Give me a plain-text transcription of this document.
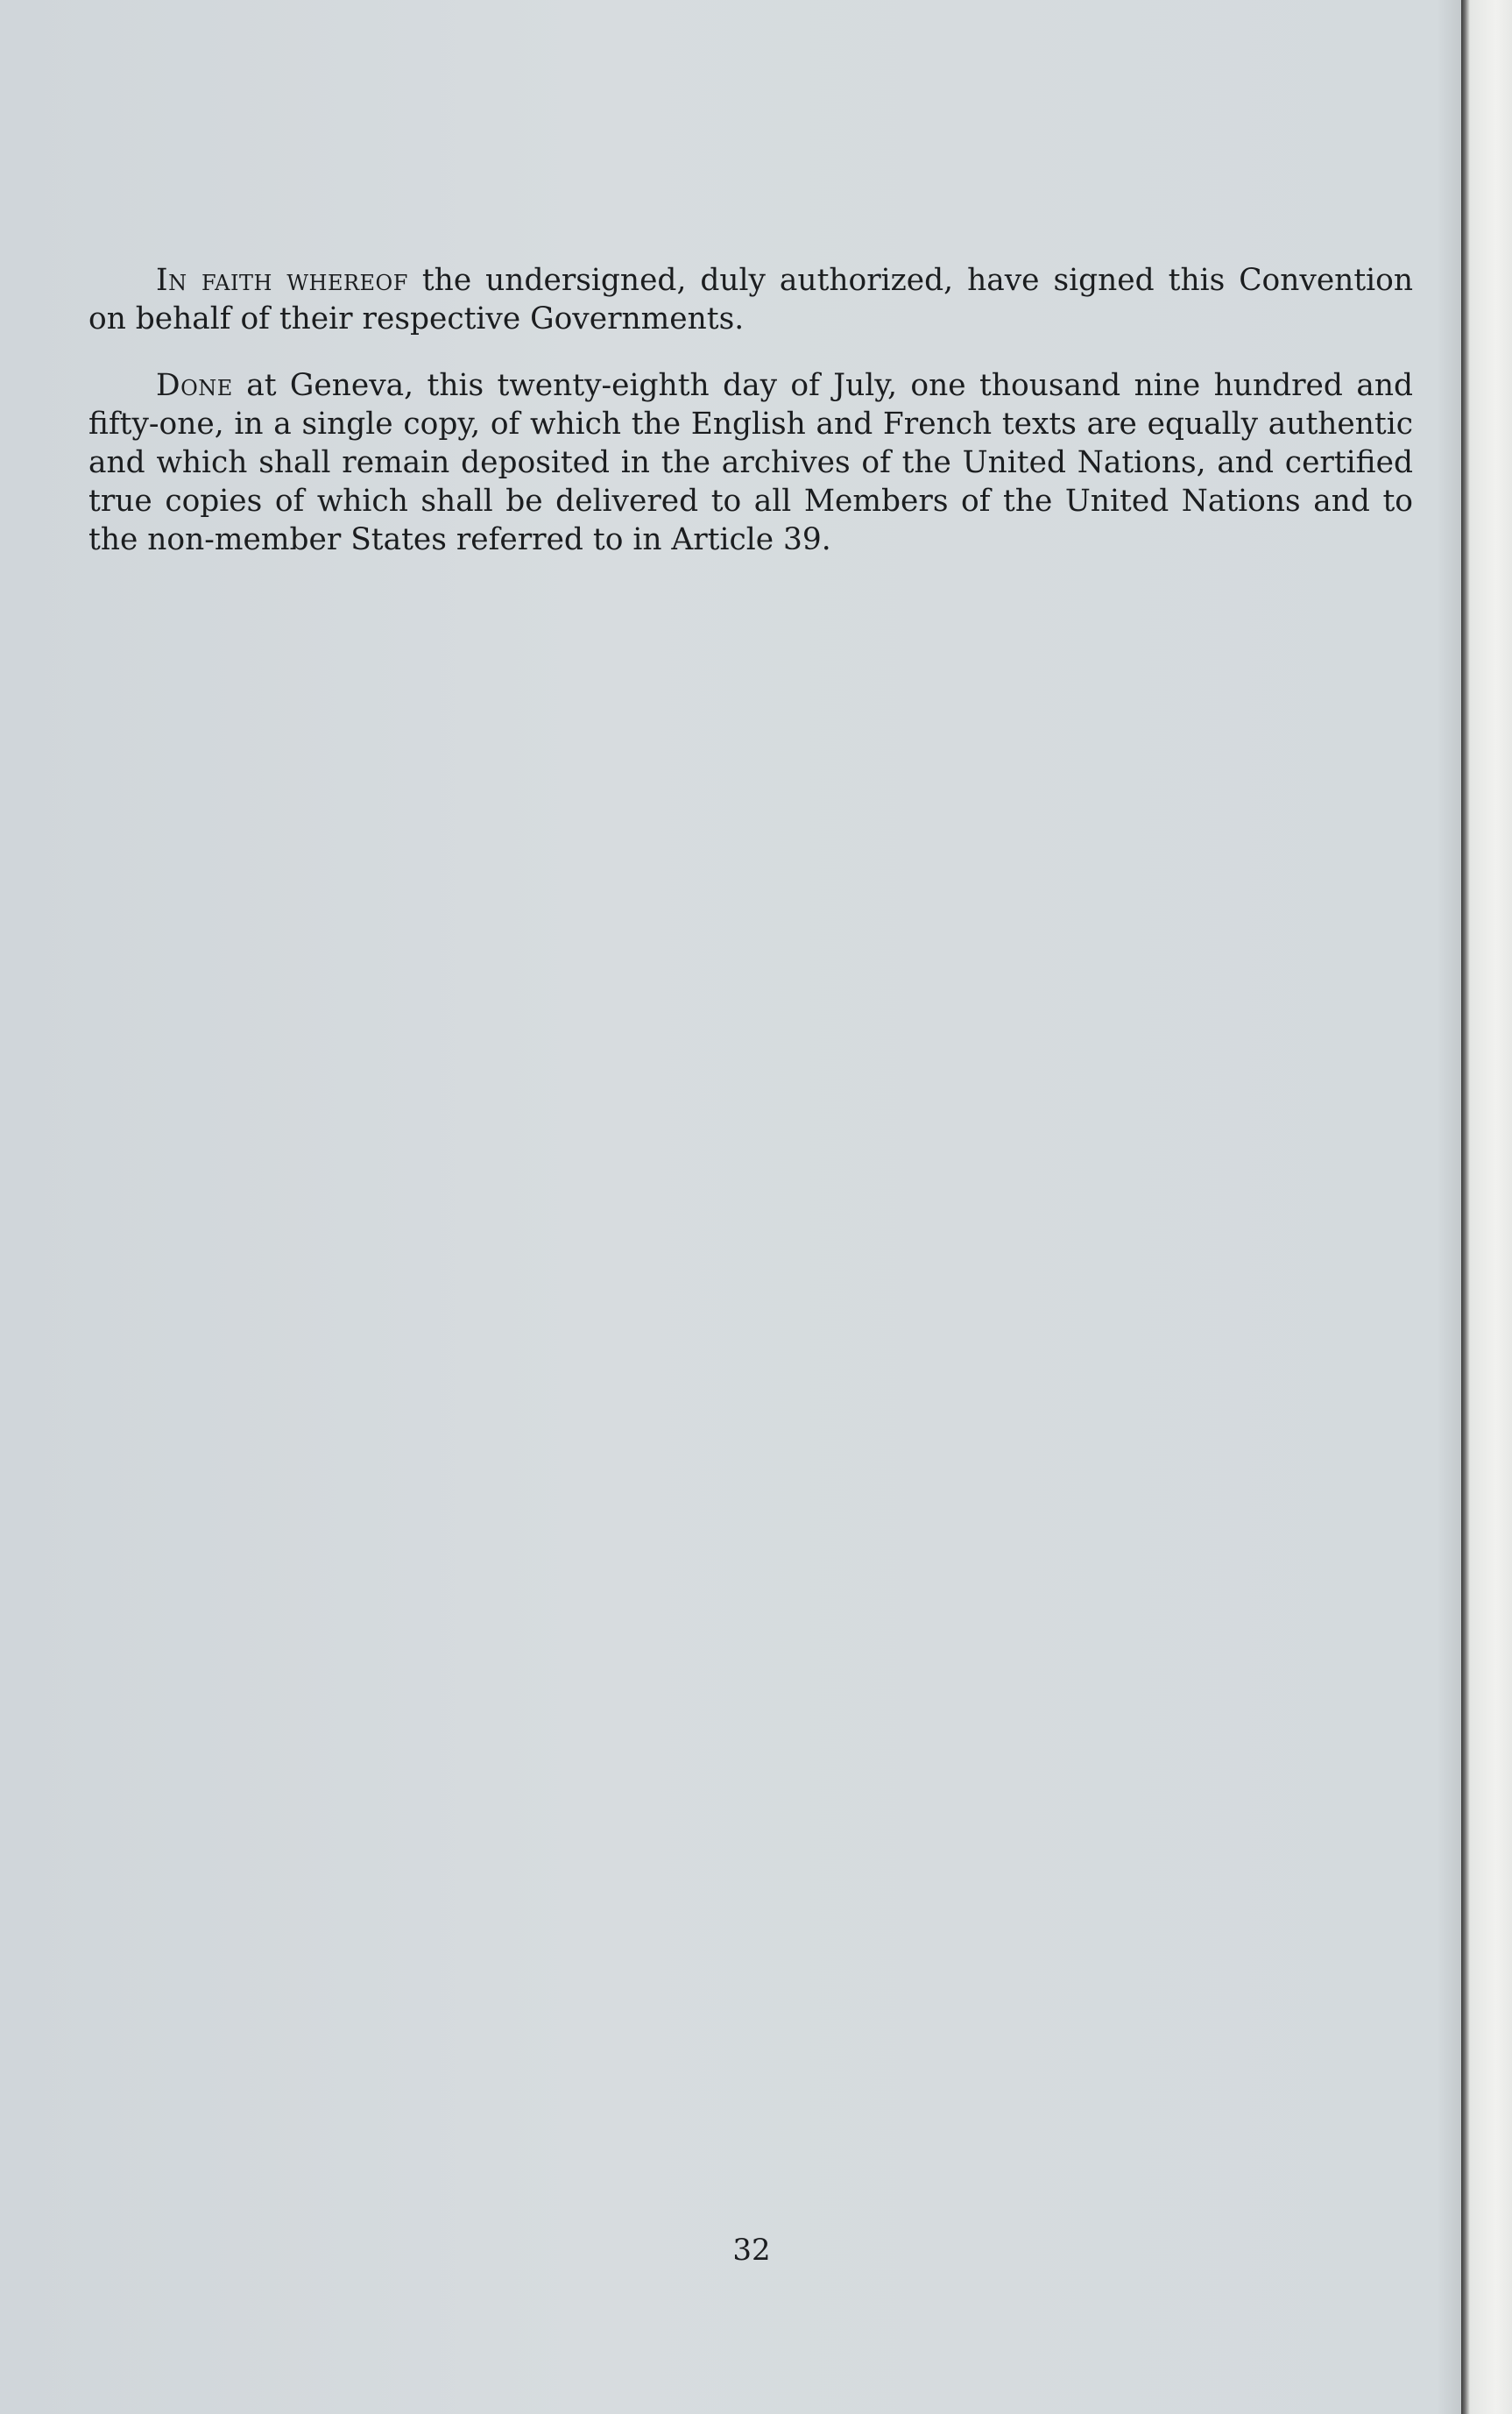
In faith whereof the undersigned, duly authorized, have signed this Convention on behalf of their respective Governments.

Done at Geneva, this twenty-eighth day of July, one thousand nine hundred and fifty-one, in a single copy, of which the English and French texts are equally authentic and which shall remain deposited in the archives of the United Nations, and certified true copies of which shall be delivered to all Members of the United Nations and to the non-member States referred to in Article 39.

32
